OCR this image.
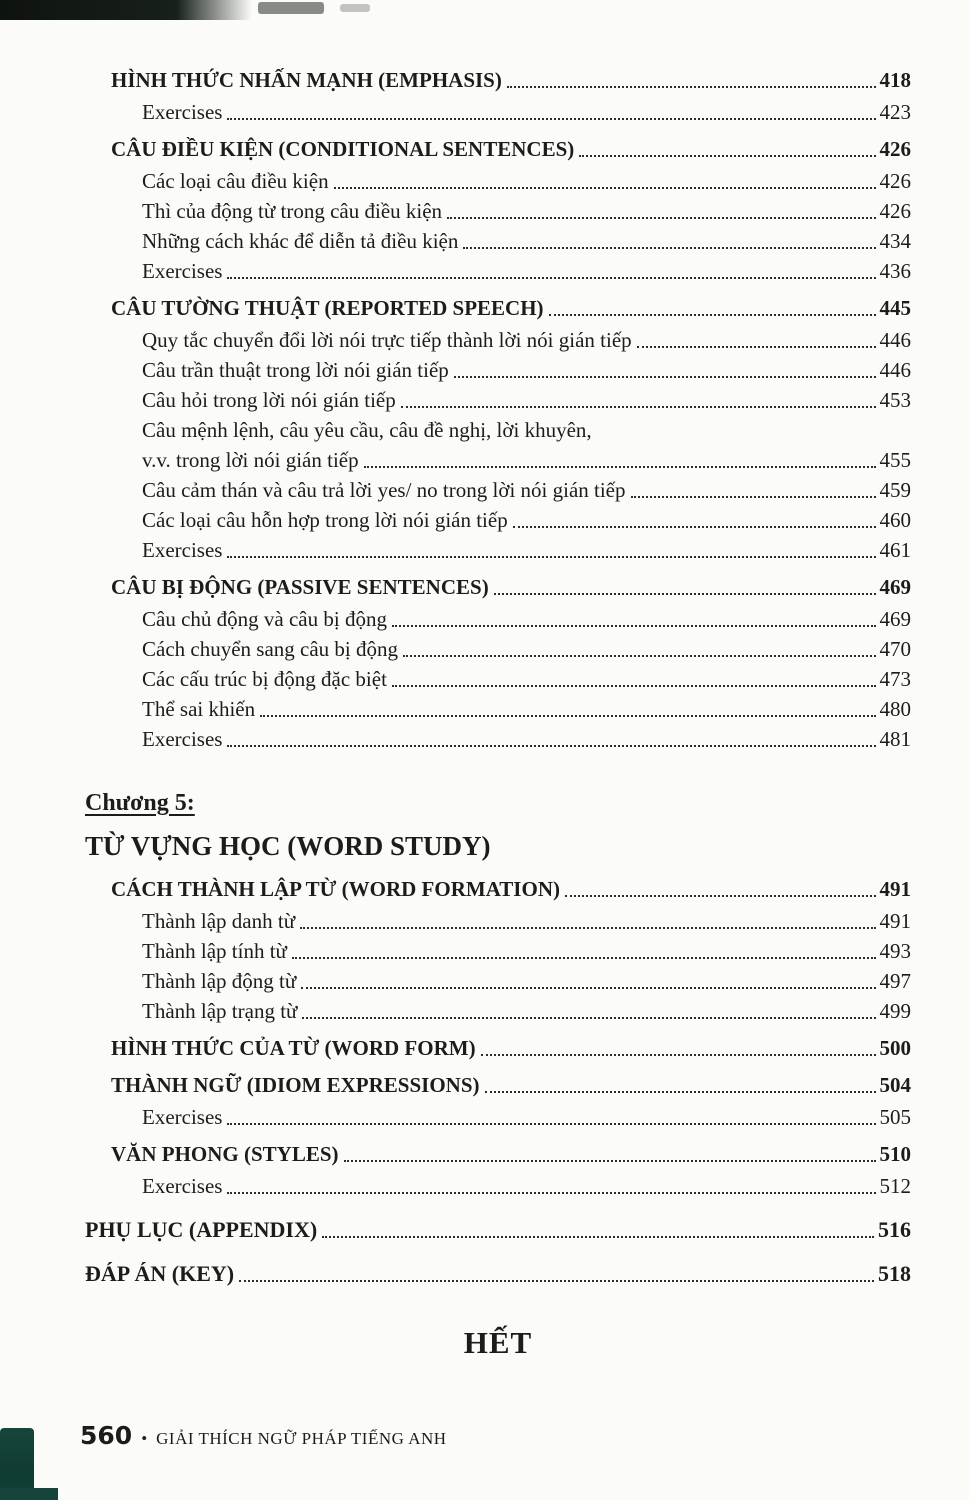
HÌNH THỨC NHẤN MẠNH (EMPHASIS)	418
Exercises	423
CÂU ĐIỀU KIỆN (CONDITIONAL SENTENCES)	426
Các loại câu điều kiện	426
Thì của động từ trong câu điều kiện	426
Những cách khác để diễn tả điều kiện	434
Exercises	436
CÂU TƯỜNG THUẬT (REPORTED SPEECH)	445
Quy tắc chuyển đổi lời nói trực tiếp thành lời nói gián tiếp	446
Câu trần thuật trong lời nói gián tiếp	446
Câu hỏi trong lời nói gián tiếp	453
Câu mệnh lệnh, câu yêu cầu, câu đề nghị, lời khuyên,
v.v. trong lời nói gián tiếp	455
Câu cảm thán và câu trả lời yes/ no trong lời nói gián tiếp	459
Các loại câu hỗn hợp trong lời nói gián tiếp	460
Exercises	461
CÂU BỊ ĐỘNG (PASSIVE SENTENCES)	469
Câu chủ động và câu bị động	469
Cách chuyển sang câu bị động	470
Các cấu trúc bị động đặc biệt	473
Thể sai khiến	480
Exercises	481
Chương 5:
TỪ VỰNG HỌC (WORD STUDY)
CÁCH THÀNH LẬP TỪ (WORD FORMATION)	491
Thành lập danh từ	491
Thành lập tính từ	493
Thành lập động từ	497
Thành lập trạng từ	499
HÌNH THỨC CỦA TỪ (WORD FORM)	500
THÀNH NGỮ (IDIOM EXPRESSIONS)	504
Exercises	505
VĂN PHONG (STYLES)	510
Exercises	512
PHỤ LỤC (APPENDIX)	516
ĐÁP ÁN (KEY)	518
HẾT
560 • GIẢI THÍCH NGỮ PHÁP TIẾNG ANH
